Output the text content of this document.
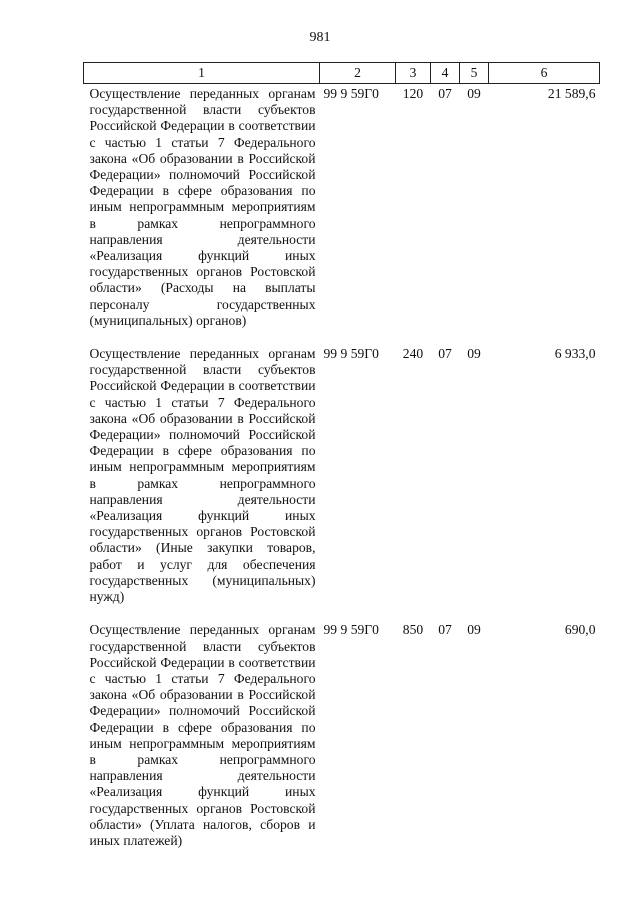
981
1	2	3	4	5	6
Осуществление переданных органам государственной власти субъектов Российской Федерации в соответствии с частью 1 статьи 7 Федерального закона «Об образовании в Российской Федерации» полномочий Российской Федерации в сфере образования по иным непрограммным мероприятиям в рамках непрограммного направления деятельности «Реализация функций иных государственных органов Ростовской области» (Расходы на выплаты персоналу государственных (муниципальных) органов)	99 9 59Г0	120	07	09	21 589,6
Осуществление переданных органам государственной власти субъектов Российской Федерации в соответствии с частью 1 статьи 7 Федерального закона «Об образовании в Российской Федерации» полномочий Российской Федерации в сфере образования по иным непрограммным мероприятиям в рамках непрограммного направления деятельности «Реализация функций иных государственных органов Ростовской области» (Иные закупки товаров, работ и услуг для обеспечения государственных (муниципальных) нужд)	99 9 59Г0	240	07	09	6 933,0
Осуществление переданных органам государственной власти субъектов Российской Федерации в соответствии с частью 1 статьи 7 Федерального закона «Об образовании в Российской Федерации» полномочий Российской Федерации в сфере образования по иным непрограммным мероприятиям в рамках непрограммного направления деятельности «Реализация функций иных государственных органов Ростовской области» (Уплата налогов, сборов и иных платежей)	99 9 59Г0	850	07	09	690,0
